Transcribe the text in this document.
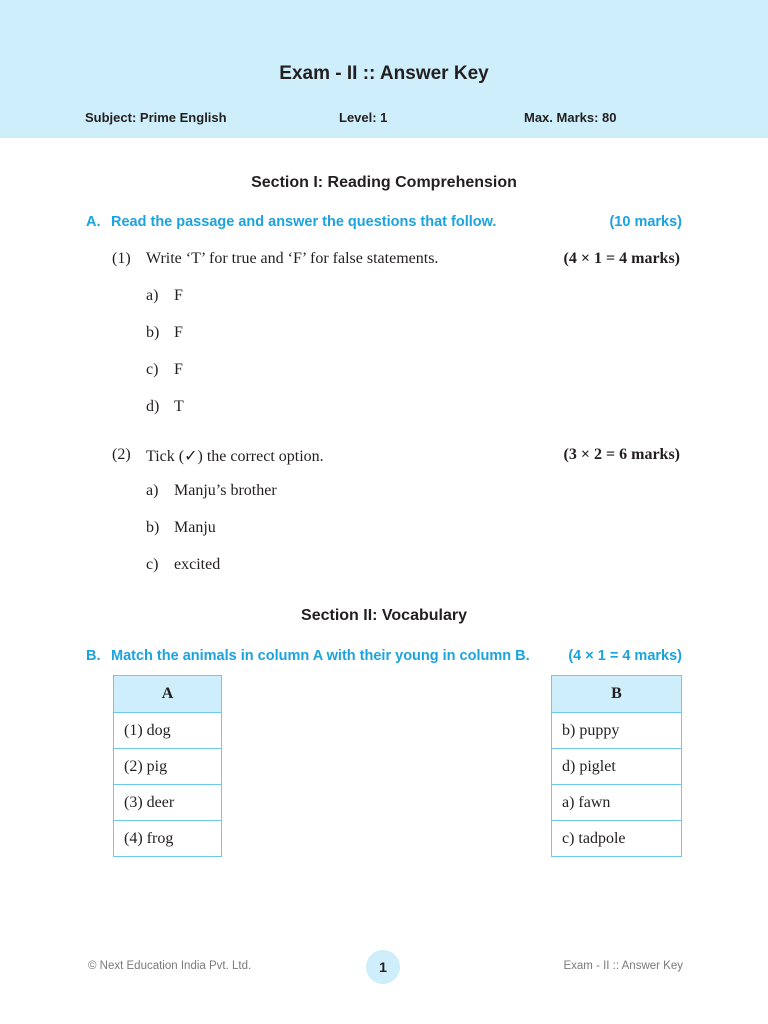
Exam - II :: Answer Key
Subject: Prime English	Level: 1	Max. Marks: 80
Section I: Reading Comprehension
A. Read the passage and answer the questions that follow.	(10 marks)
(1) Write ‘T’ for true and ‘F’ for false statements.	(4 × 1 = 4 marks)
a) F
b) F
c) F
d) T
(2) Tick (✓) the correct option.	(3 × 2 = 6 marks)
a) Manju’s brother
b) Manju
c) excited
Section II: Vocabulary
B. Match the animals in column A with their young in column B.	(4 × 1 = 4 marks)
A
(1) dog
(2) pig
(3) deer
(4) frog
B
b) puppy
d) piglet
a) fawn
c) tadpole
© Next Education India Pvt. Ltd.	1	Exam - II :: Answer Key
